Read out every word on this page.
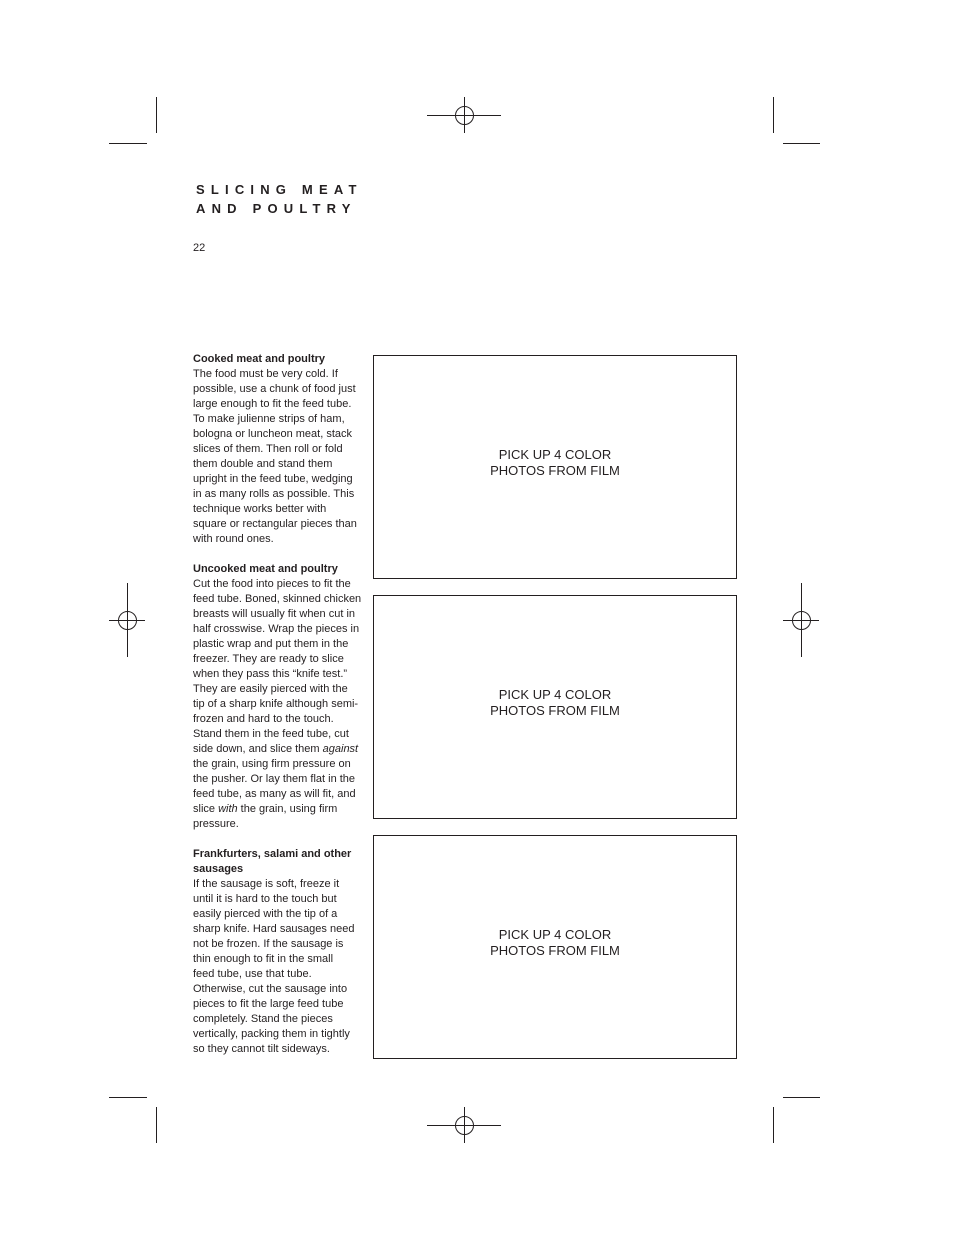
SLICING MEAT
AND POULTRY
22
Cooked meat and poultry

The food must be very cold. If
possible, use a chunk of food just
large enough to fit the feed tube.
To make julienne strips of ham,
bologna or luncheon meat, stack
slices of them. Then roll or fold
them double and stand them
upright in the feed tube, wedging
in as many rolls as possible. This
technique works better with
square or rectangular pieces than
with round ones.

Uncooked meat and poultry

Cut the food into pieces to fit the
feed tube. Boned, skinned chicken
breasts will usually fit when cut in
half crosswise. Wrap the pieces in
plastic wrap and put them in the
freezer. They are ready to slice
when they pass this “knife test.”
They are easily pierced with the
tip of a sharp knife although semi-
frozen and hard to the touch.
Stand them in the feed tube, cut
side down, and slice them against
the grain, using firm pressure on
the pusher. Or lay them flat in the
feed tube, as many as will fit, and
slice with the grain, using firm
pressure.

Frankfurters, salami and other
sausages

If the sausage is soft, freeze it
until it is hard to the touch but
easily pierced with the tip of a
sharp knife. Hard sausages need
not be frozen. If the sausage is
thin enough to fit in the small
feed tube, use that tube.
Otherwise, cut the sausage into
pieces to fit the large feed tube
completely. Stand the pieces
vertically, packing them in tightly
so they cannot tilt sideways.

PICK UP 4 COLOR
PHOTOS FROM FILM
PICK UP 4 COLOR
PHOTOS FROM FILM
PICK UP 4 COLOR
PHOTOS FROM FILM
